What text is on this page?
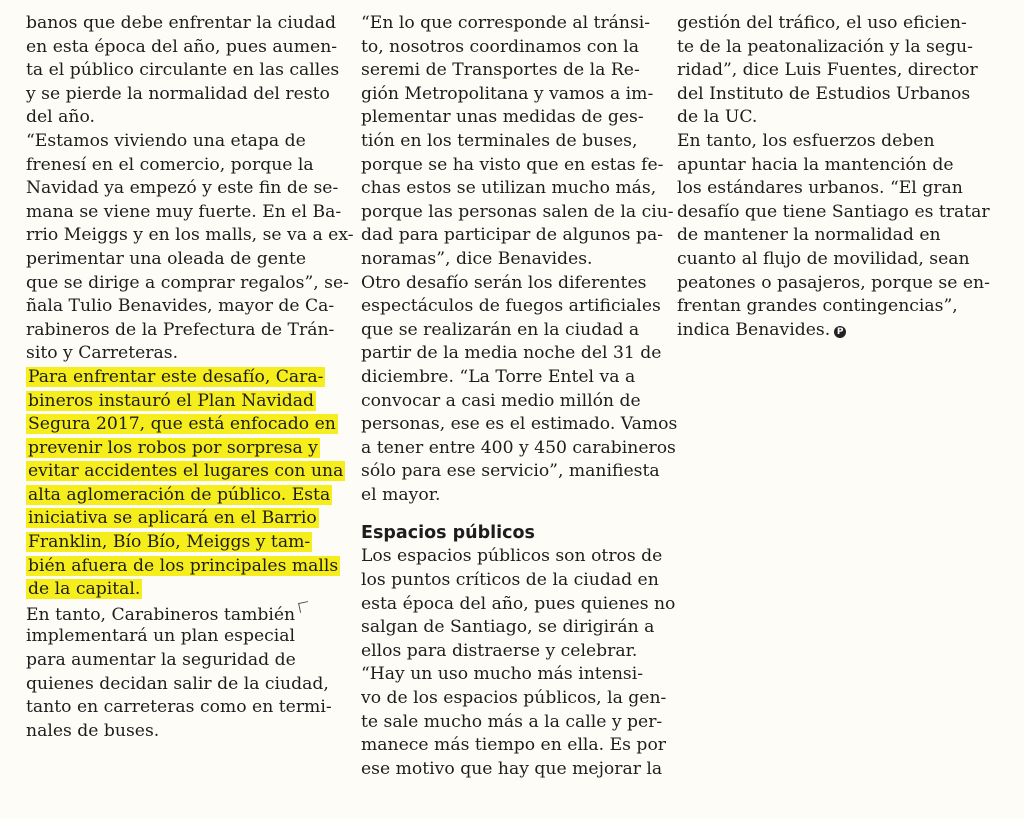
banos que debe enfrentar la ciudad
en esta época del año, pues aumen-
ta el público circulante en las calles
y se pierde la normalidad del resto
del año.
“Estamos viviendo una etapa de
frenesí en el comercio, porque la
Navidad ya empezó y este fin de se-
mana se viene muy fuerte. En el Ba-
rrio Meiggs y en los malls, se va a ex-
perimentar una oleada de gente
que se dirige a comprar regalos”, se-
ñala Tulio Benavides, mayor de Ca-
rabineros de la Prefectura de Trán-
sito y Carreteras.
Para enfrentar este desafío, Cara-
bineros instauró el Plan Navidad
Segura 2017, que está enfocado en
prevenir los robos por sorpresa y
evitar accidentes el lugares con una
alta aglomeración de público. Esta
iniciativa se aplicará en el Barrio
Franklin, Bío Bío, Meiggs y tam-
bién afuera de los principales malls
de la capital.
En tanto, Carabineros también
implementará un plan especial
para aumentar la seguridad de
quienes decidan salir de la ciudad,
tanto en carreteras como en termi-
nales de buses.
“En lo que corresponde al tránsi-
to, nosotros coordinamos con la
seremi de Transportes de la Re-
gión Metropolitana y vamos a im-
plementar unas medidas de ges-
tión en los terminales de buses,
porque se ha visto que en estas fe-
chas estos se utilizan mucho más,
porque las personas salen de la ciu-
dad para participar de algunos pa-
noramas”, dice Benavides.
Otro desafío serán los diferentes
espectáculos de fuegos artificiales
que se realizarán en la ciudad a
partir de la media noche del 31 de
diciembre. “La Torre Entel va a
convocar a casi medio millón de
personas, ese es el estimado. Vamos
a tener entre 400 y 450 carabineros
sólo para ese servicio”, manifiesta
el mayor.
Espacios públicos
Los espacios públicos son otros de
los puntos críticos de la ciudad en
esta época del año, pues quienes no
salgan de Santiago, se dirigirán a
ellos para distraerse y celebrar.
“Hay un uso mucho más intensi-
vo de los espacios públicos, la gen-
te sale mucho más a la calle y per-
manece más tiempo en ella. Es por
ese motivo que hay que mejorar la
gestión del tráfico, el uso eficien-
te de la peatonalización y la segu-
ridad”, dice Luis Fuentes, director
del Instituto de Estudios Urbanos
de la UC.
En tanto, los esfuerzos deben
apuntar hacia la mantención de
los estándares urbanos. “El gran
desafío que tiene Santiago es tratar
de mantener la normalidad en
cuanto al flujo de movilidad, sean
peatones o pasajeros, porque se en-
frentan grandes contingencias”,
indica Benavides. P
